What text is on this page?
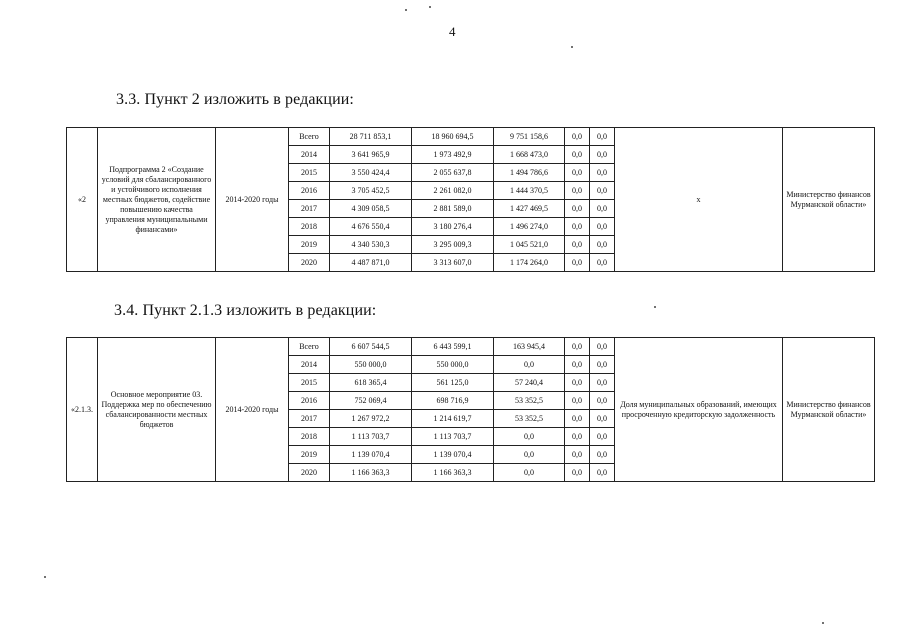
4
3.3. Пункт 2 изложить в редакции:
«2	Подпрограмма 2 «Создание условий для сбалансированного и устойчивого исполнения местных бюджетов, содействие повышению качества управления муниципальными финансами»	2014-2020 годы	Всего	28 711 853,1	18 960 694,5	9 751 158,6	0,0	0,0	х	Министерство финансов Мурманской области»
			2014	3 641 965,9	1 973 492,9	1 668 473,0	0,0	0,0		
			2015	3 550 424,4	2 055 637,8	1 494 786,6	0,0	0,0		
			2016	3 705 452,5	2 261 082,0	1 444 370,5	0,0	0,0		
			2017	4 309 058,5	2 881 589,0	1 427 469,5	0,0	0,0		
			2018	4 676 550,4	3 180 276,4	1 496 274,0	0,0	0,0		
			2019	4 340 530,3	3 295 009,3	1 045 521,0	0,0	0,0		
			2020	4 487 871,0	3 313 607,0	1 174 264,0	0,0	0,0		
3.4. Пункт 2.1.3 изложить в редакции:
«2.1.3.	Основное мероприятие 03. Поддержка мер по обеспечению сбалансированности местных бюджетов	2014-2020 годы	Всего	6 607 544,5	6 443 599,1	163 945,4	0,0	0,0	Доля муниципальных образований, имеющих просроченную кредиторскую задолженность	Министерство финансов Мурманской области»
			2014	550 000,0	550 000,0	0,0	0,0	0,0		
			2015	618 365,4	561 125,0	57 240,4	0,0	0,0		
			2016	752 069,4	698 716,9	53 352,5	0,0	0,0		
			2017	1 267 972,2	1 214 619,7	53 352,5	0,0	0,0		
			2018	1 113 703,7	1 113 703,7	0,0	0,0	0,0		
			2019	1 139 070,4	1 139 070,4	0,0	0,0	0,0		
			2020	1 166 363,3	1 166 363,3	0,0	0,0	0,0		
